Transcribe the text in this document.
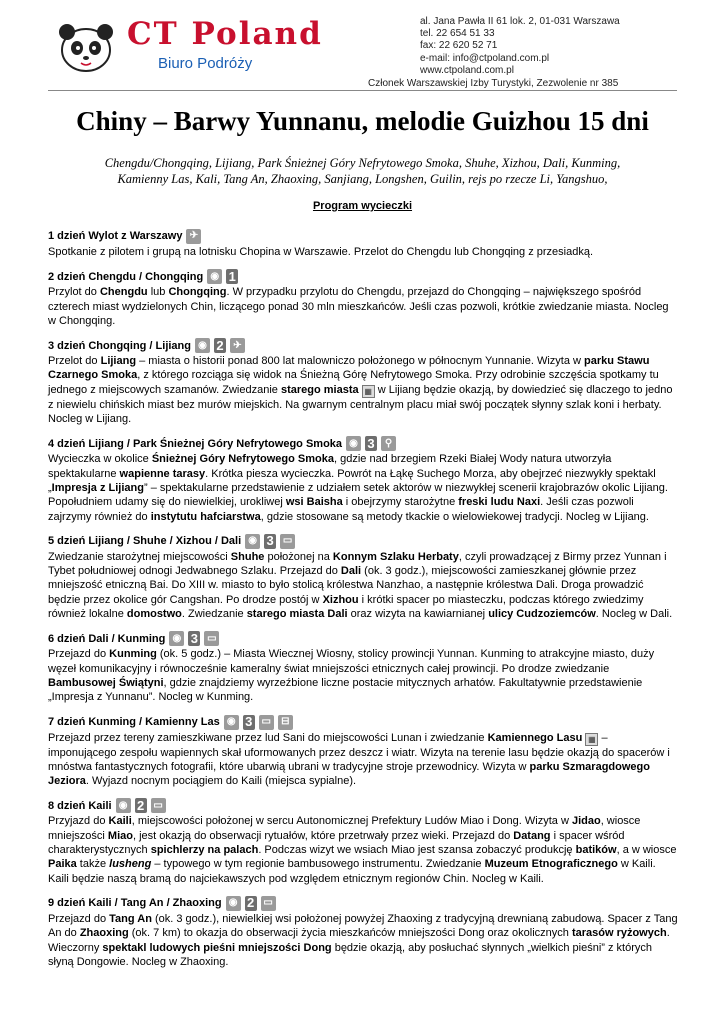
CT Poland
Biuro Podróży
al. Jana Pawła II 61 lok. 2, 01-031 Warszawa
tel. 22 654 51 33
fax: 22 620 52 71
e-mail: info@ctpoland.com.pl
www.ctpoland.com.pl
Członek Warszawskiej Izby Turystyki, Zezwolenie nr 385
Chiny – Barwy Yunnanu, melodie Guizhou 15 dni
Chengdu/Chongqing, Lijiang, Park Śnieżnej Góry Nefrytowego Smoka, Shuhe, Xizhou, Dali, Kunming, Kamienny Las, Kali, Tang An, Zhaoxing, Sanjiang, Longshen, Guilin, rejs po rzecze Li, Yangshuo,
Program wycieczki
1 dzień Wylot z Warszawy ✈
Spotkanie z pilotem i grupą na lotnisku Chopina w Warszawie. Przelot do Chengdu lub Chongqing z przesiadką.
2 dzień Chengdu / Chongqing ◉ 1
Przylot do Chengdu lub Chongqing. W przypadku przylotu do Chengdu, przejazd do Chongqing – największego spośród czterech miast wydzielonych Chin, liczącego ponad 30 mln mieszkańców. Jeśli czas pozwoli, krótkie zwiedzanie miasta. Nocleg w Chongqing.
3 dzień Chongqing / Lijiang ◉ 2 ✈
Przelot do Lijiang – miasta o historii ponad 800 lat malowniczo położonego w północnym Yunnanie. Wizyta w parku Stawu Czarnego Smoka, z którego rozciąga się widok na Śnieżną Górę Nefrytowego Smoka. Przy odrobinie szczęścia spotkamy tu jednego z miejscowych szamanów. Zwiedzanie starego miasta ▦ w Lijiang będzie okazją, by dowiedzieć się dlaczego to jedno z niewielu chińskich miast bez murów miejskich. Na gwarnym centralnym placu miał swój początek słynny szlak koni i herbaty. Nocleg w Lijiang.
4 dzień Lijiang / Park Śnieżnej Góry Nefrytowego Smoka ◉ 3	⚲
Wycieczka w okolice Śnieżnej Góry Nefrytowego Smoka, gdzie nad brzegiem Rzeki Białej Wody natura utworzyła spektakularne wapienne tarasy. Krótka piesza wycieczka. Powrót na Łąkę Suchego Morza, aby obejrzeć niezwykły spektakl „Impresja z Lijiang” – spektakularne przedstawienie z udziałem setek aktorów w niezwykłej scenerii krajobrazów okolic Lijiang. Popołudniem udamy się do niewielkiej, urokliwej wsi Baisha i obejrzymy starożytne freski ludu Naxi. Jeśli czas pozwoli zajrzymy również do instytutu hafciarstwa, gdzie stosowane są metody tkackie o wielowiekowej tradycji. Nocleg w Lijiang.
5 dzień Lijiang / Shuhe / Xizhou / Dali ◉ 3 ▭
Zwiedzanie starożytnej miejscowości Shuhe położonej na Konnym Szlaku Herbaty, czyli prowadzącej z Birmy przez Yunnan i Tybet południowej odnogi Jedwabnego Szlaku. Przejazd do Dali (ok. 3 godz.), miejscowości zamieszkanej głównie przez mniejszość etniczną Bai. Do XIII w. miasto to było stolicą królestwa Nanzhao, a następnie królestwa Dali. Droga prowadzić będzie przez okolice gór Cangshan. Po drodze postój w Xizhou i krótki spacer po miasteczku, podczas którego zwiedzimy również lokalne domostwo. Zwiedzanie starego miasta Dali oraz wizyta na kawiarnianej ulicy Cudzoziemców. Nocleg w Dali.
6 dzień Dali / Kunming ◉ 3 ▭
Przejazd do Kunming (ok. 5 godz.) – Miasta Wiecznej Wiosny, stolicy prowincji Yunnan. Kunming to atrakcyjne miasto, duży węzeł komunikacyjny i równocześnie kameralny świat mniejszości etnicznych całej prowincji. Po drodze zwiedzanie Bambusowej Świątyni, gdzie znajdziemy wyrzeźbione liczne postacie mitycznych arhatów. Fakultatywnie przedstawienie „Impresja z Yunnanu”. Nocleg w Kunming.
7 dzień Kunming / Kamienny Las ◉ 3 ▭	⊟
Przejazd przez tereny zamieszkiwane przez lud Sani do miejscowości Lunan i zwiedzanie Kamiennego Lasu ▦ – imponującego zespołu wapiennych skał uformowanych przez deszcz i wiatr. Wizyta na terenie lasu będzie okazją do spacerów i mnóstwa fantastycznych fotografii, które ubarwią ubrani w tradycyjne stroje przewodnicy. Wizyta w parku Szmaragdowego Jeziora. Wyjazd nocnym pociągiem do Kaili (miejsca sypialne).
8 dzień Kaili ◉ 2 ▭
Przyjazd do Kaili, miejscowości położonej w sercu Autonomicznej Prefektury Ludów Miao i Dong. Wizyta w Jidao, wiosce mniejszości Miao, jest okazją do obserwacji rytuałów, które przetrwały przez wieki. Przejazd do Datang i spacer wśród charakterystycznych spichlerzy na palach. Podczas wizyt we wsiach Miao jest szansa zobaczyć produkcję batików, a w wiosce Paika także lusheng – typowego w tym regionie bambusowego instrumentu. Zwiedzanie Muzeum Etnograficznego w Kaili. Kaili będzie naszą bramą do najciekawszych pod względem etnicznym regionów Chin. Nocleg w Kaili.
9 dzień Kaili / Tang An / Zhaoxing ◉ 2 ▭
Przejazd do Tang An (ok. 3 godz.), niewielkiej wsi położonej powyżej Zhaoxing z tradycyjną drewnianą zabudową. Spacer z Tang An do Zhaoxing (ok. 7 km) to okazja do obserwacji życia mieszkańców mniejszości Dong oraz okolicznych tarasów ryżowych. Wieczorny spektakl ludowych pieśni mniejszości Dong będzie okazją, aby posłuchać słynnych „wielkich pieśni” z których słyną Dongowie. Nocleg w Zhaoxing.
